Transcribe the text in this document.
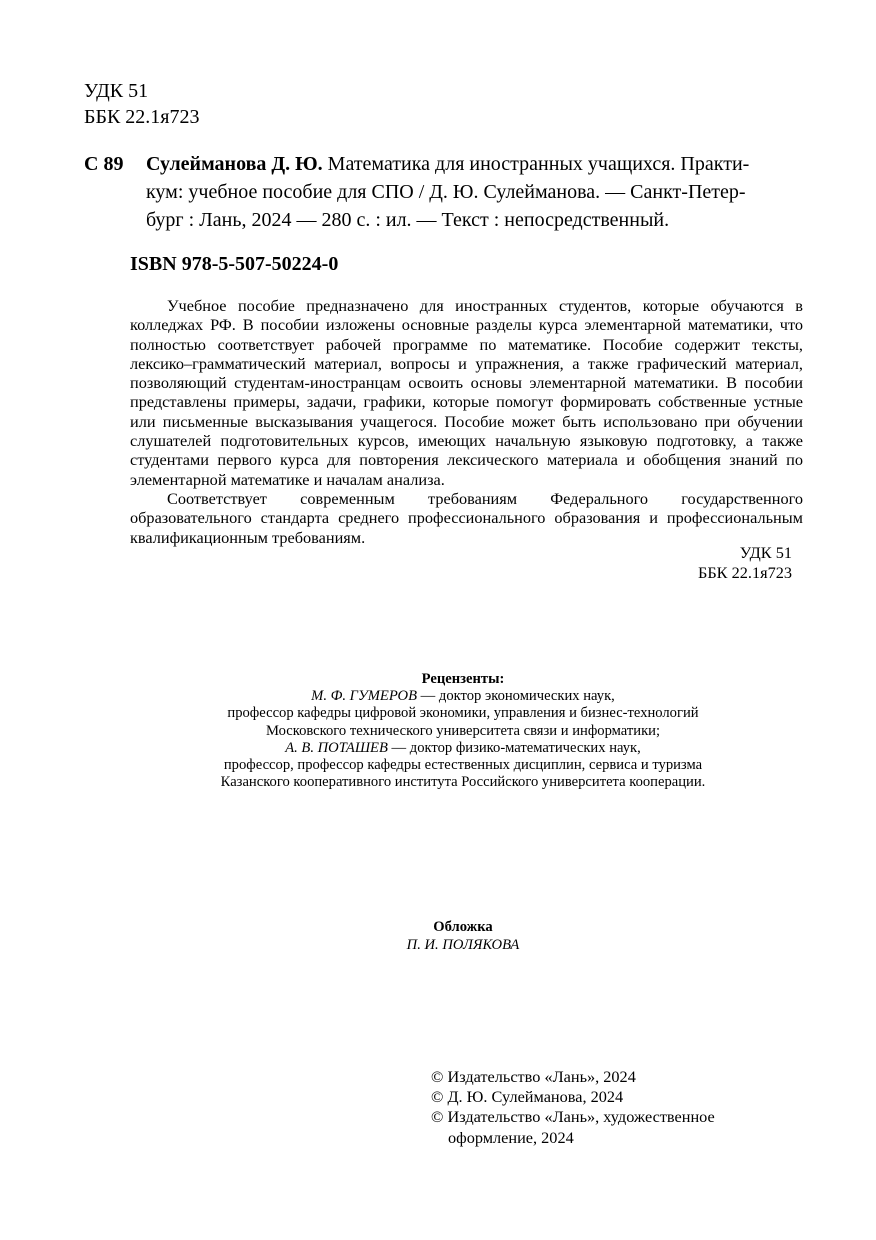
УДК 51
ББК 22.1я723
С 89 Сулейманова Д. Ю. Математика для иностранных учащихся. Практи-
кум: учебное пособие для СПО / Д. Ю. Сулейманова. — Санкт-Петер-
бург : Лань, 2024 — 280 с. : ил. — Текст : непосредственный.
ISBN 978-5-507-50224-0

Учебное пособие предназначено для иностранных студентов, которые обучаются в колледжах РФ. В пособии изложены основные разделы курса элементарной математики, что полностью соответствует рабочей программе по математике. Пособие содержит тексты, лексико–грамматический материал, вопросы и упражнения, а также графический материал, позволяющий студентам-иностранцам освоить основы элементарной математики. В пособии представлены примеры, задачи, графики, которые помогут формировать собственные устные или письменные высказывания учащегося. Пособие может быть использовано при обучении слушателей подготовительных курсов, имеющих начальную языковую подготовку, а также студентами первого курса для повторения лексического материала и обобщения знаний по элементарной математике и началам анализа.

Соответствует современным требованиям Федерального государственного образовательного стандарта среднего профессионального образования и профессиональным квалификационным требованиям.

УДК 51
ББК 22.1я723
Рецензенты:
М. Ф. ГУМЕРОВ — доктор экономических наук,
профессор кафедры цифровой экономики, управления и бизнес-технологий
Московского технического университета связи и информатики;
А. В. ПОТАШЕВ — доктор физико-математических наук,
профессор, профессор кафедры естественных дисциплин, сервиса и туризма
Казанского кооперативного института Российского университета кооперации.
Обложка
П. И. ПОЛЯКОВА
© Издательство «Лань», 2024
© Д. Ю. Сулейманова, 2024
© Издательство «Лань», художественное
оформление, 2024
